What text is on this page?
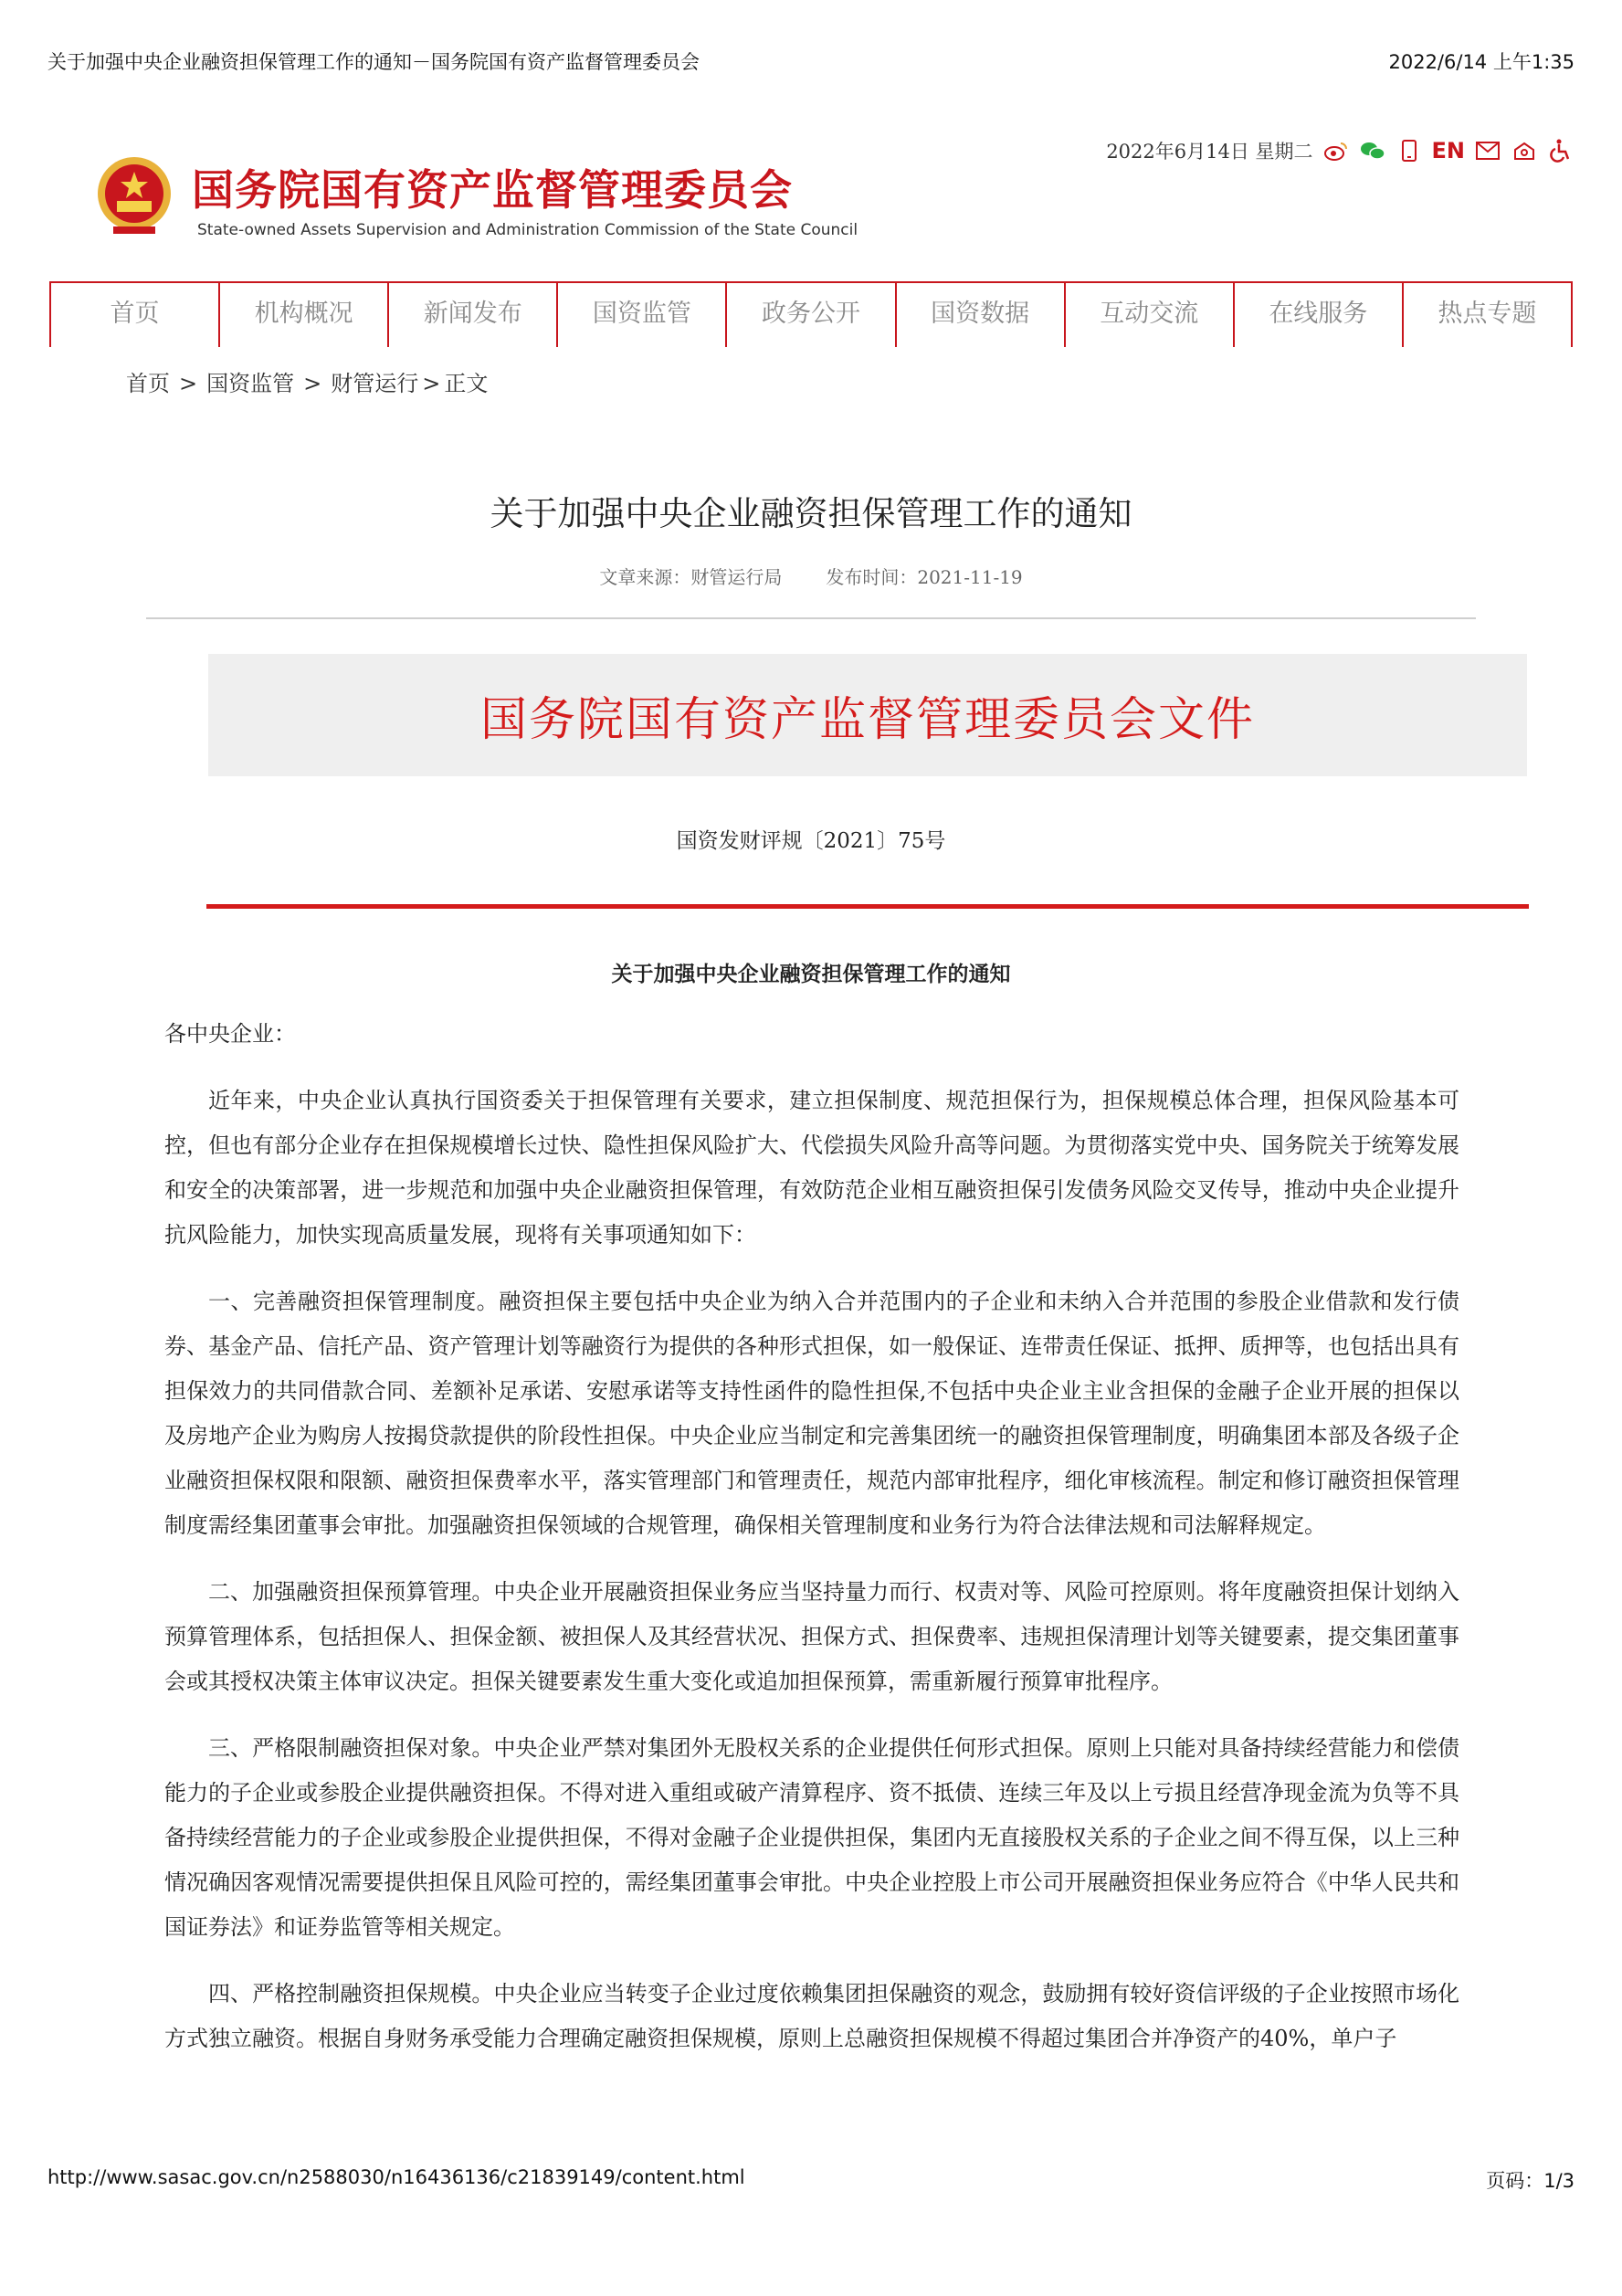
关于加强中央企业融资担保管理工作的通知－国务院国有资产监督管理委员会	2022/6/14 上午1:35
国务院国有资产监督管理委员会
State-owned Assets Supervision and Administration Commission of the State Council
2022年6月14日 星期二	EN
首页	机构概况	新闻发布	国资监管	政务公开	国资数据	互动交流	在线服务	热点专题
首页 > 国资监管 > 财管运行 > 正文
关于加强中央企业融资担保管理工作的通知
文章来源：财管运行局 发布时间：2021-11-19
国务院国有资产监督管理委员会文件
国资发财评规〔2021〕75号
关于加强中央企业融资担保管理工作的通知

各中央企业：

近年来，中央企业认真执行国资委关于担保管理有关要求，建立担保制度、规范担保行为，担保规模总体合理，担保风险基本可控，但也有部分企业存在担保规模增长过快、隐性担保风险扩大、代偿损失风险升高等问题。为贯彻落实党中央、国务院关于统筹发展和安全的决策部署，进一步规范和加强中央企业融资担保管理，有效防范企业相互融资担保引发债务风险交叉传导，推动中央企业提升抗风险能力，加快实现高质量发展，现将有关事项通知如下：

一、完善融资担保管理制度。融资担保主要包括中央企业为纳入合并范围内的子企业和未纳入合并范围的参股企业借款和发行债券、基金产品、信托产品、资产管理计划等融资行为提供的各种形式担保，如一般保证、连带责任保证、抵押、质押等，也包括出具有担保效力的共同借款合同、差额补足承诺、安慰承诺等支持性函件的隐性担保,不包括中央企业主业含担保的金融子企业开展的担保以及房地产企业为购房人按揭贷款提供的阶段性担保。中央企业应当制定和完善集团统一的融资担保管理制度，明确集团本部及各级子企业融资担保权限和限额、融资担保费率水平，落实管理部门和管理责任，规范内部审批程序，细化审核流程。制定和修订融资担保管理制度需经集团董事会审批。加强融资担保领域的合规管理，确保相关管理制度和业务行为符合法律法规和司法解释规定。

二、加强融资担保预算管理。中央企业开展融资担保业务应当坚持量力而行、权责对等、风险可控原则。将年度融资担保计划纳入预算管理体系，包括担保人、担保金额、被担保人及其经营状况、担保方式、担保费率、违规担保清理计划等关键要素，提交集团董事会或其授权决策主体审议决定。担保关键要素发生重大变化或追加担保预算，需重新履行预算审批程序。

三、严格限制融资担保对象。中央企业严禁对集团外无股权关系的企业提供任何形式担保。原则上只能对具备持续经营能力和偿债能力的子企业或参股企业提供融资担保。不得对进入重组或破产清算程序、资不抵债、连续三年及以上亏损且经营净现金流为负等不具备持续经营能力的子企业或参股企业提供担保，不得对金融子企业提供担保，集团内无直接股权关系的子企业之间不得互保，以上三种情况确因客观情况需要提供担保且风险可控的，需经集团董事会审批。中央企业控股上市公司开展融资担保业务应符合《中华人民共和国证券法》和证券监管等相关规定。

四、严格控制融资担保规模。中央企业应当转变子企业过度依赖集团担保融资的观念，鼓励拥有较好资信评级的子企业按照市场化方式独立融资。根据自身财务承受能力合理确定融资担保规模，原则上总融资担保规模不得超过集团合并净资产的40%，单户子

http://www.sasac.gov.cn/n2588030/n16436136/c21839149/content.html	页码：1/3
